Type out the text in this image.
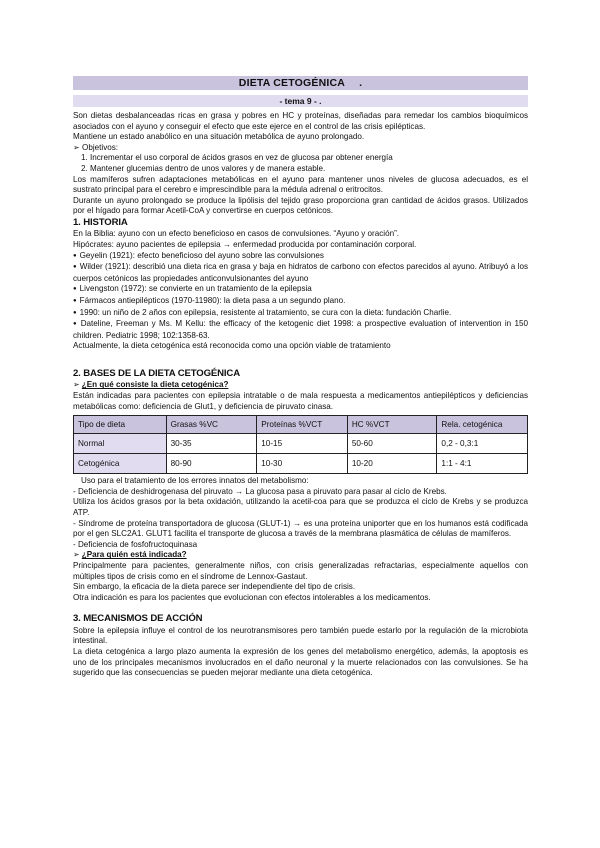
DIETA CETOGÉNICA .
- tema 9 - .

Son dietas desbalanceadas ricas en grasa y pobres en HC y proteínas, diseñadas para remedar los cambios bioquímicos asociados con el ayuno y conseguir el efecto que este ejerce en el control de las crisis epilépticas.

Mantiene un estado anabólico en una situación metabólica de ayuno prolongado.

➢ Objetivos:

1. Incrementar el uso corporal de ácidos grasos en vez de glucosa par obtener energía

2. Mantener glucemias dentro de unos valores y de manera estable.

Los mamíferos sufren adaptaciones metabólicas en el ayuno para mantener unos niveles de glucosa adecuados, es el sustrato principal para el cerebro e imprescindible para la médula adrenal o eritrocitos.

Durante un ayuno prolongado se produce la lipólisis del tejido graso proporciona gran cantidad de ácidos grasos. Utilizados por el hígado para formar Acetil-CoA y convertirse en cuerpos cetónicos.

1. HISTORIA

En la Biblia: ayuno con un efecto beneficioso en casos de convulsiones. “Ayuno y oración”.

Hipócrates: ayuno pacientes de epilepsia → enfermedad producida por contaminación corporal.

● Geyelin (1921): efecto beneficioso del ayuno sobre las convulsiones

● Wilder (1921): describió una dieta rica en grasa y baja en hidratos de carbono con efectos parecidos al ayuno. Atribuyó a los cuerpos cetónicos las propiedades anticonvulsionantes del ayuno

● Livengston (1972): se convierte en un tratamiento de la epilepsia

● Fármacos antiepilépticos (1970-11980): la dieta pasa a un segundo plano.

● 1990: un niño de 2 años con epilepsia, resistente al tratamiento, se cura con la dieta: fundación Charlie.

● Dateline, Freeman y Ms. M Kellu: the efficacy of the ketogenic diet 1998: a prospective evaluation of intervention in 150 children. Pediatric 1998; 102:1358-63.

Actualmente, la dieta cetogénica está reconocida como una opción viable de tratamiento

2. BASES DE LA DIETA CETOGÉNICA

➢ ¿En qué consiste la dieta cetogénica?

Están indicadas para pacientes con epilepsia intratable o de mala respuesta a medicamentos antiepilépticos y deficiencias metabólicas como: deficiencia de Glut1, y deficiencia de piruvato cinasa.

Tipo de dieta	Grasas %VC	Proteínas %VCT	HC %VCT	Rela. cetogénica
Normal	30-35	10-15	50-60	0,2 - 0,3:1
Cetogénica	80-90	10-30	10-20	1:1 - 4:1

Uso para el tratamiento de los errores innatos del metabolismo:

- Deficiencia de deshidrogenasa del piruvato → La glucosa pasa a piruvato para pasar al ciclo de Krebs.

Utiliza los ácidos grasos por la beta oxidación, utilizando la acetil-coa para que se produzca el ciclo de Krebs y se produzca ATP.

- Síndrome de proteína transportadora de glucosa (GLUT-1) → es una proteína uniporter que en los humanos está codificada por el gen SLC2A1. GLUT1 facilita el transporte de glucosa a través de la membrana plasmática de células de mamíferos.

- Deficiencia de fosfofructoquinasa

➢ ¿Para quién está indicada?

Principalmente para pacientes, generalmente niños, con crisis generalizadas refractarias, especialmente aquellos con múltiples tipos de crisis como en el síndrome de Lennox-Gastaut.

Sin embargo, la eficacia de la dieta parece ser independiente del tipo de crisis.

Otra indicación es para los pacientes que evolucionan con efectos intolerables a los medicamentos.

3. MECANISMOS DE ACCIÓN

Sobre la epilepsia influye el control de los neurotransmisores pero también puede estarlo por la regulación de la microbiota intestinal.

La dieta cetogénica a largo plazo aumenta la expresión de los genes del metabolismo energético, además, la apoptosis es uno de los principales mecanismos involucrados en el daño neuronal y la muerte relacionados con las convulsiones. Se ha sugerido que las consecuencias se pueden mejorar mediante una dieta cetogénica.
